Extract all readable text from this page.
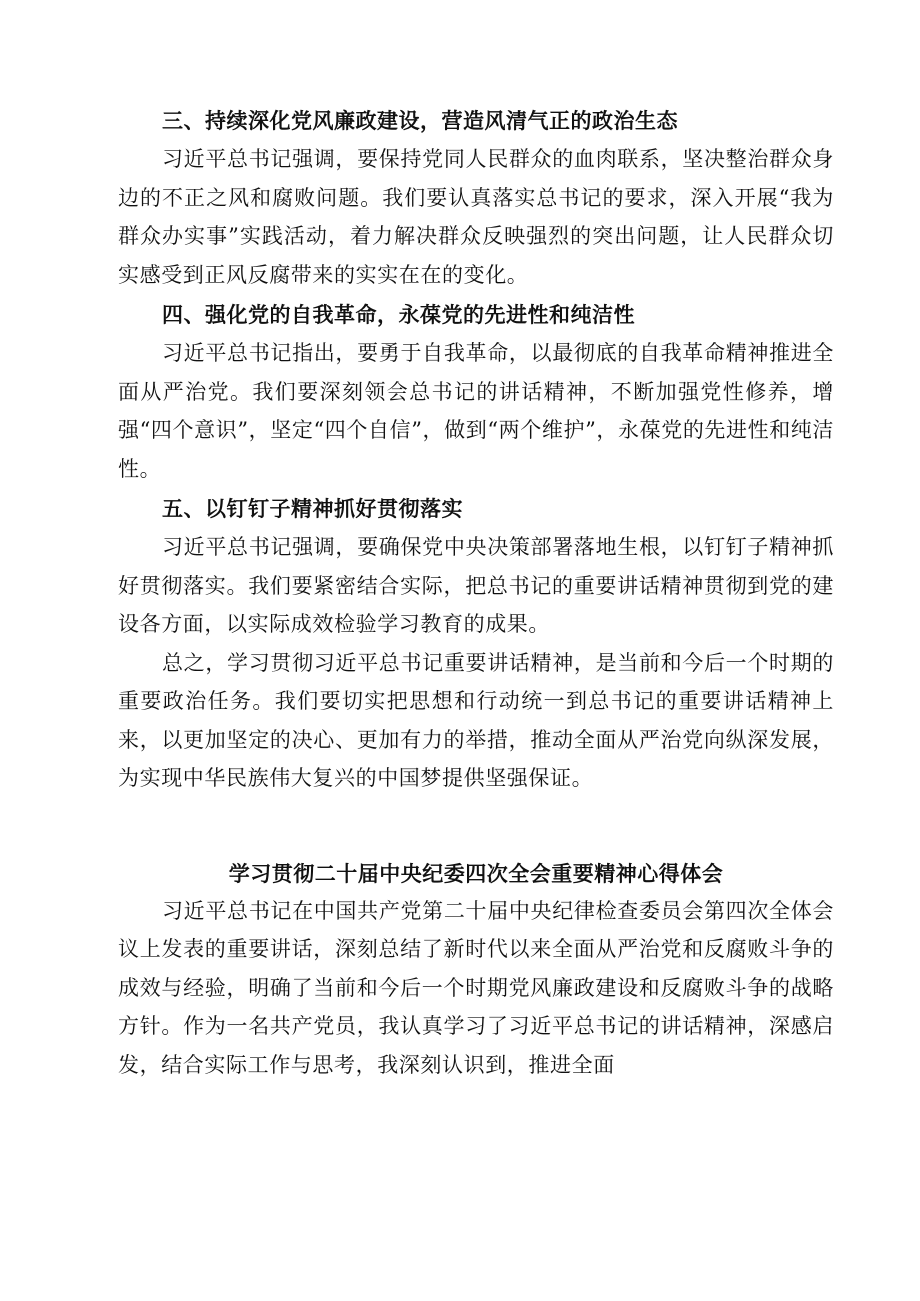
三、持续深化党风廉政建设，营造风清气正的政治生态

习近平总书记强调，要保持党同人民群众的血肉联系，坚决整治群众身边的不正之风和腐败问题。我们要认真落实总书记的要求，深入开展“我为群众办实事”实践活动，着力解决群众反映强烈的突出问题，让人民群众切实感受到正风反腐带来的实实在在的变化。

四、强化党的自我革命，永葆党的先进性和纯洁性

习近平总书记指出，要勇于自我革命，以最彻底的自我革命精神推进全面从严治党。我们要深刻领会总书记的讲话精神，不断加强党性修养，增强“四个意识”，坚定“四个自信”，做到“两个维护”，永葆党的先进性和纯洁性。

五、以钉钉子精神抓好贯彻落实

习近平总书记强调，要确保党中央决策部署落地生根，以钉钉子精神抓好贯彻落实。我们要紧密结合实际，把总书记的重要讲话精神贯彻到党的建设各方面，以实际成效检验学习教育的成果。

总之，学习贯彻习近平总书记重要讲话精神，是当前和今后一个时期的重要政治任务。我们要切实把思想和行动统一到总书记的重要讲话精神上来，以更加坚定的决心、更加有力的举措，推动全面从严治党向纵深发展，为实现中华民族伟大复兴的中国梦提供坚强保证。

学习贯彻二十届中央纪委四次全会重要精神心得体会

习近平总书记在中国共产党第二十届中央纪律检查委员会第四次全体会议上发表的重要讲话，深刻总结了新时代以来全面从严治党和反腐败斗争的成效与经验，明确了当前和今后一个时期党风廉政建设和反腐败斗争的战略方针。作为一名共产党员，我认真学习了习近平总书记的讲话精神，深感启发，结合实际工作与思考，我深刻认识到，推进全面
